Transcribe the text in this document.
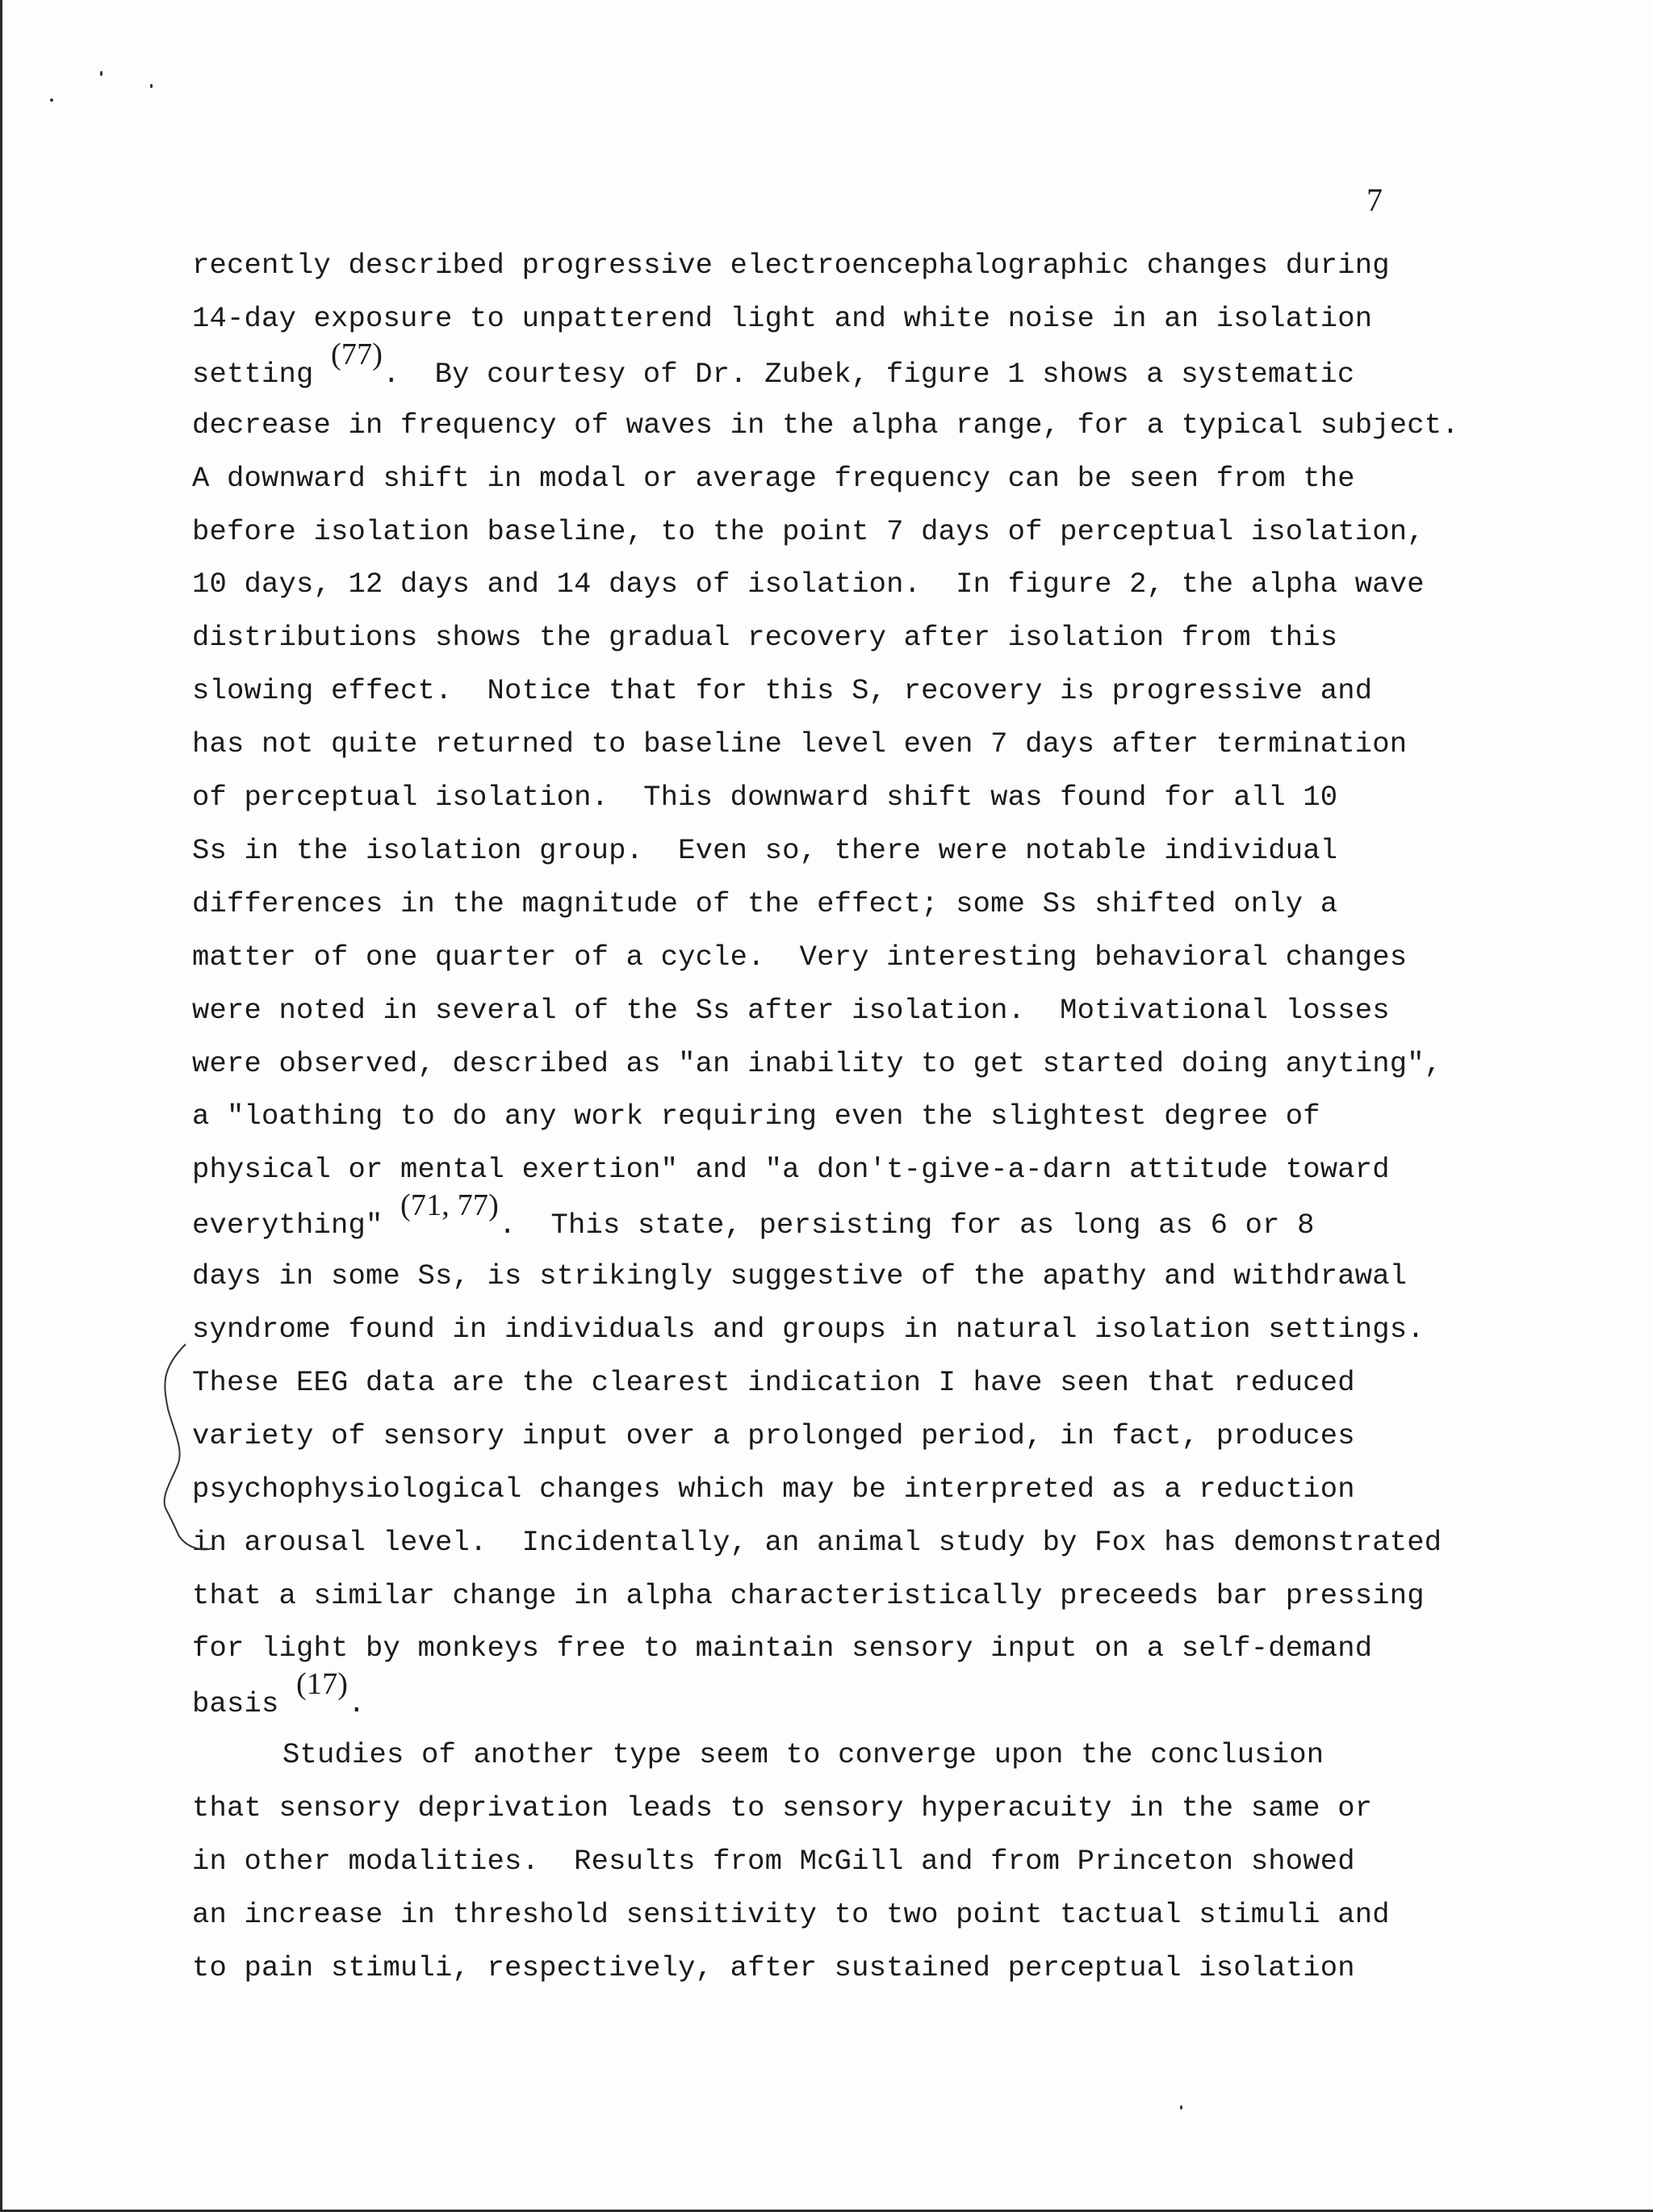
7
recently described progressive electroencephalographic changes during
14-day exposure to unpatterend light and white noise in an isolation
setting (77).  By courtesy of Dr. Zubek, figure 1 shows a systematic
decrease in frequency of waves in the alpha range, for a typical subject.
A downward shift in modal or average frequency can be seen from the
before isolation baseline, to the point 7 days of perceptual isolation,
10 days, 12 days and 14 days of isolation.  In figure 2, the alpha wave
distributions shows the gradual recovery after isolation from this
slowing effect.  Notice that for this S, recovery is progressive and
has not quite returned to baseline level even 7 days after termination
of perceptual isolation.  This downward shift was found for all 10
Ss in the isolation group.  Even so, there were notable individual
differences in the magnitude of the effect; some Ss shifted only a
matter of one quarter of a cycle.  Very interesting behavioral changes
were noted in several of the Ss after isolation.  Motivational losses
were observed, described as "an inability to get started doing anyting",
a "loathing to do any work requiring even the slightest degree of
physical or mental exertion" and "a don't-give-a-darn attitude toward
everything" (71, 77).  This state, persisting for as long as 6 or 8
days in some Ss, is strikingly suggestive of the apathy and withdrawal
syndrome found in individuals and groups in natural isolation settings.
These EEG data are the clearest indication I have seen that reduced
variety of sensory input over a prolonged period, in fact, produces
psychophysiological changes which may be interpreted as a reduction
in arousal level.  Incidentally, an animal study by Fox has demonstrated
that a similar change in alpha characteristically preceeds bar pressing
for light by monkeys free to maintain sensory input on a self-demand
basis (17).
Studies of another type seem to converge upon the conclusion
that sensory deprivation leads to sensory hyperacuity in the same or
in other modalities.  Results from McGill and from Princeton showed
an increase in threshold sensitivity to two point tactual stimuli and
to pain stimuli, respectively, after sustained perceptual isolation
